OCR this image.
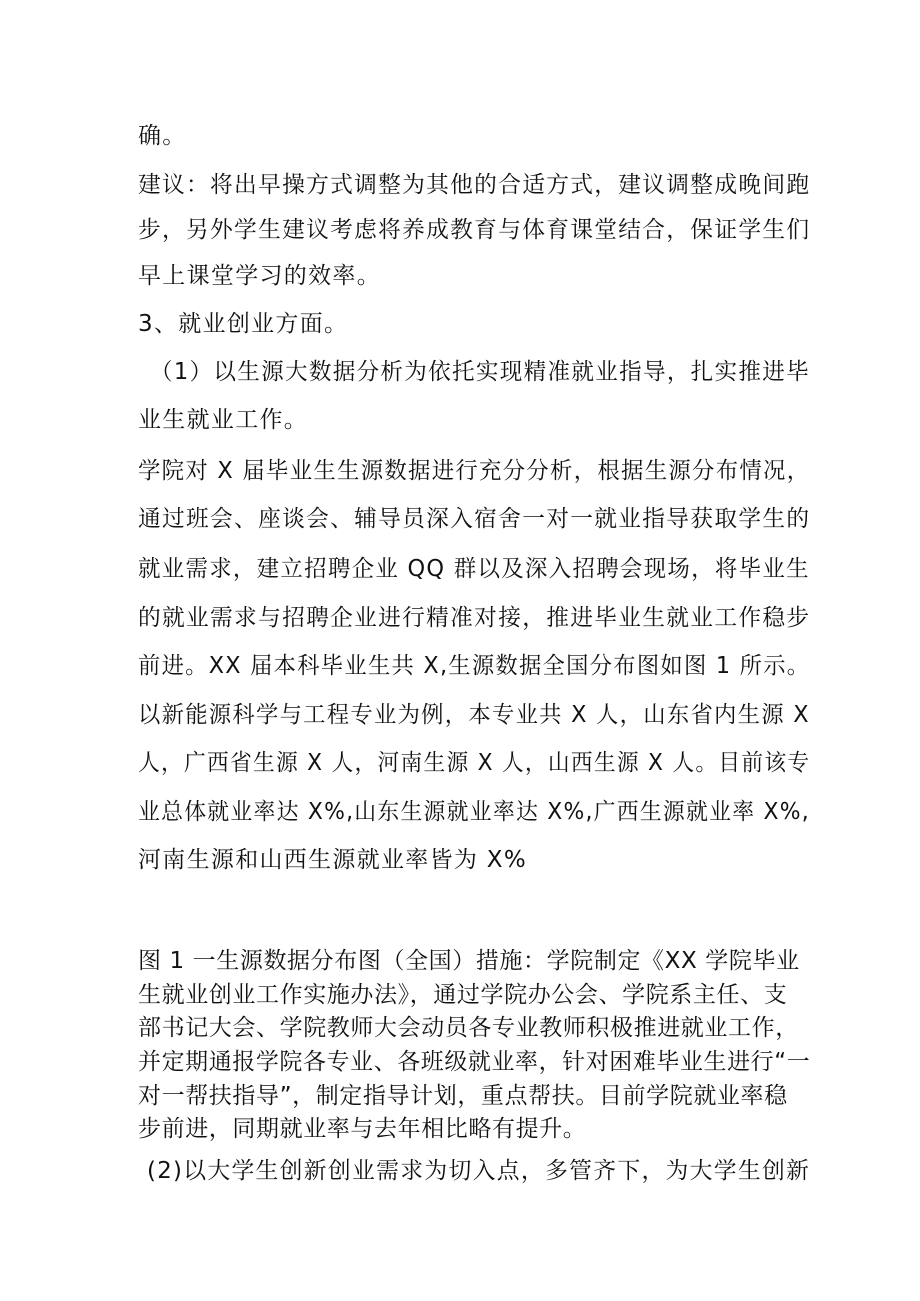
确。
建议：将出早操方式调整为其他的合适方式，建议调整成晚间跑
步，另外学生建议考虑将养成教育与体育课堂结合，保证学生们
早上课堂学习的效率。
3、就业创业方面。
（1）以生源大数据分析为依托实现精准就业指导，扎实推进毕
业生就业工作。
学院对 X 届毕业生生源数据进行充分分析，根据生源分布情况，
通过班会、座谈会、辅导员深入宿舍一对一就业指导获取学生的
就业需求，建立招聘企业 QQ 群以及深入招聘会现场，将毕业生
的就业需求与招聘企业进行精准对接，推进毕业生就业工作稳步
前进。XX 届本科毕业生共 X,生源数据全国分布图如图 1 所示。
以新能源科学与工程专业为例，本专业共 X 人，山东省内生源 X
人，广西省生源 X 人，河南生源 X 人，山西生源 X 人。目前该专
业总体就业率达 X%,山东生源就业率达 X%,广西生源就业率 X%,
河南生源和山西生源就业率皆为 X%
图 1 一生源数据分布图（全国）措施：学院制定《XX 学院毕业
生就业创业工作实施办法》，通过学院办公会、学院系主任、支
部书记大会、学院教师大会动员各专业教师积极推进就业工作，
并定期通报学院各专业、各班级就业率，针对困难毕业生进行“一
对一帮扶指导”，制定指导计划，重点帮扶。目前学院就业率稳
步前进，同期就业率与去年相比略有提升。
(2)以大学生创新创业需求为切入点，多管齐下，为大学生创新
